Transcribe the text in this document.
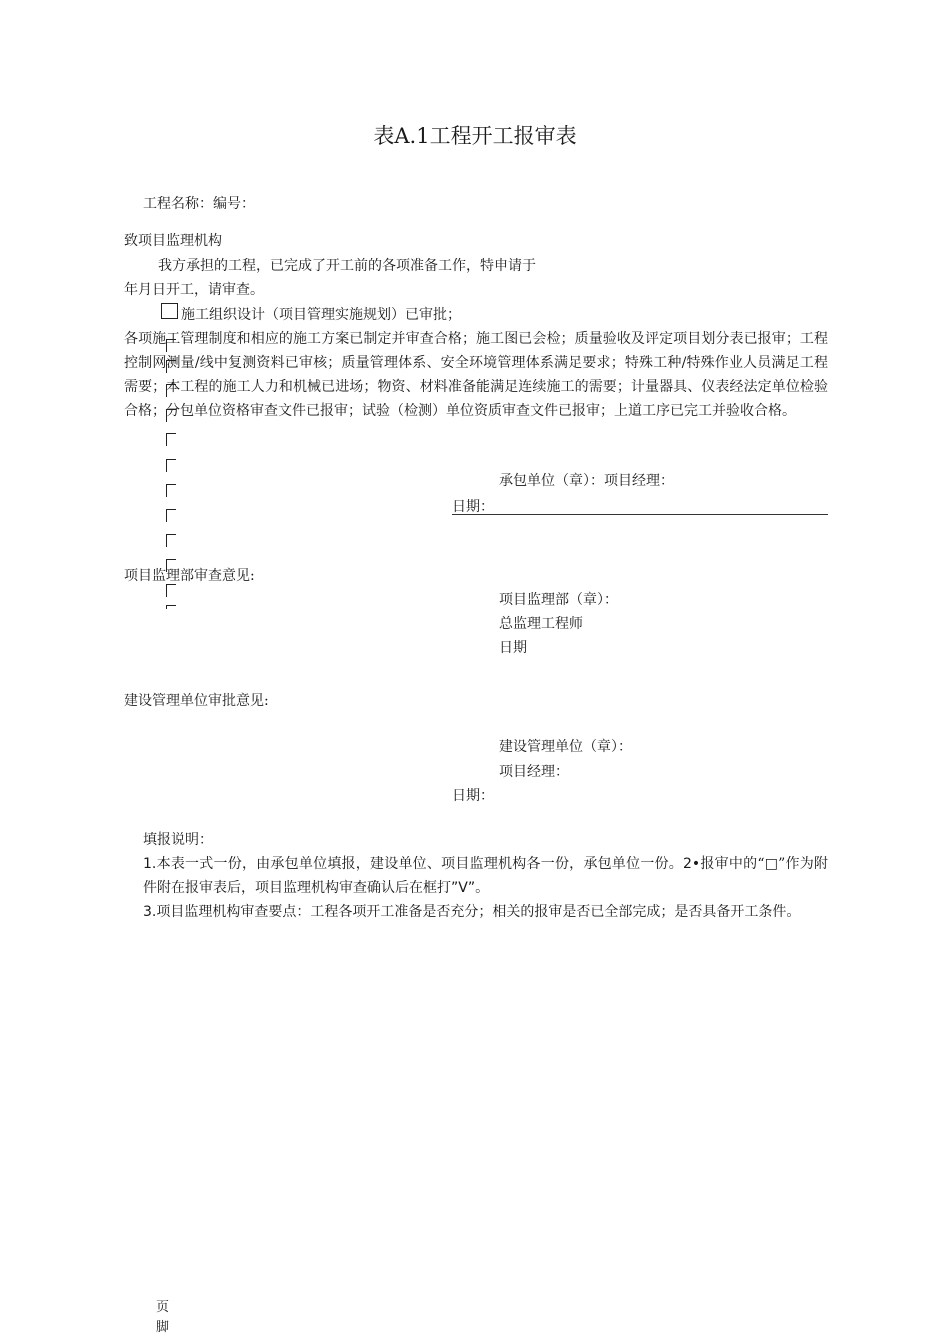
表A.1工程开工报审表
工程名称：编号：
致项目监理机构
我方承担的工程，已完成了开工前的各项准备工作，特申请于
年月日开工，请审查。
施工组织设计（项目管理实施规划）已审批；
各项施工管理制度和相应的施工方案已制定并审查合格；施工图已会检；质量验收及评定项目划分表已报审；工程控制网测量/线中复测资料已审核；质量管理体系、安全环境管理体系满足要求；特殊工种/特殊作业人员满足工程需要；本工程的施工人力和机械已进场；物资、材料准备能满足连续施工的需要；计量器具、仪表经法定单位检验合格；分包单位资格审查文件已报审；试验（检测）单位资质审查文件已报审；上道工序已完工并验收合格。
承包单位（章）：项目经理：
日期：
项目监理部审查意见:
项目监理部（章）：
总监理工程师
日期
建设管理单位审批意见:
建设管理单位（章）：
项目经理：
日期：
填报说明：
1.本表一式一份，由承包单位填报，建设单位、项目监理机构各一份，承包单位一份。2•报审中的“□”作为附件附在报审表后，项目监理机构审查确认后在框打”V”。
3.项目监理机构审查要点：工程各项开工准备是否充分；相关的报审是否已全部完成；是否具备开工条件。
页脚
